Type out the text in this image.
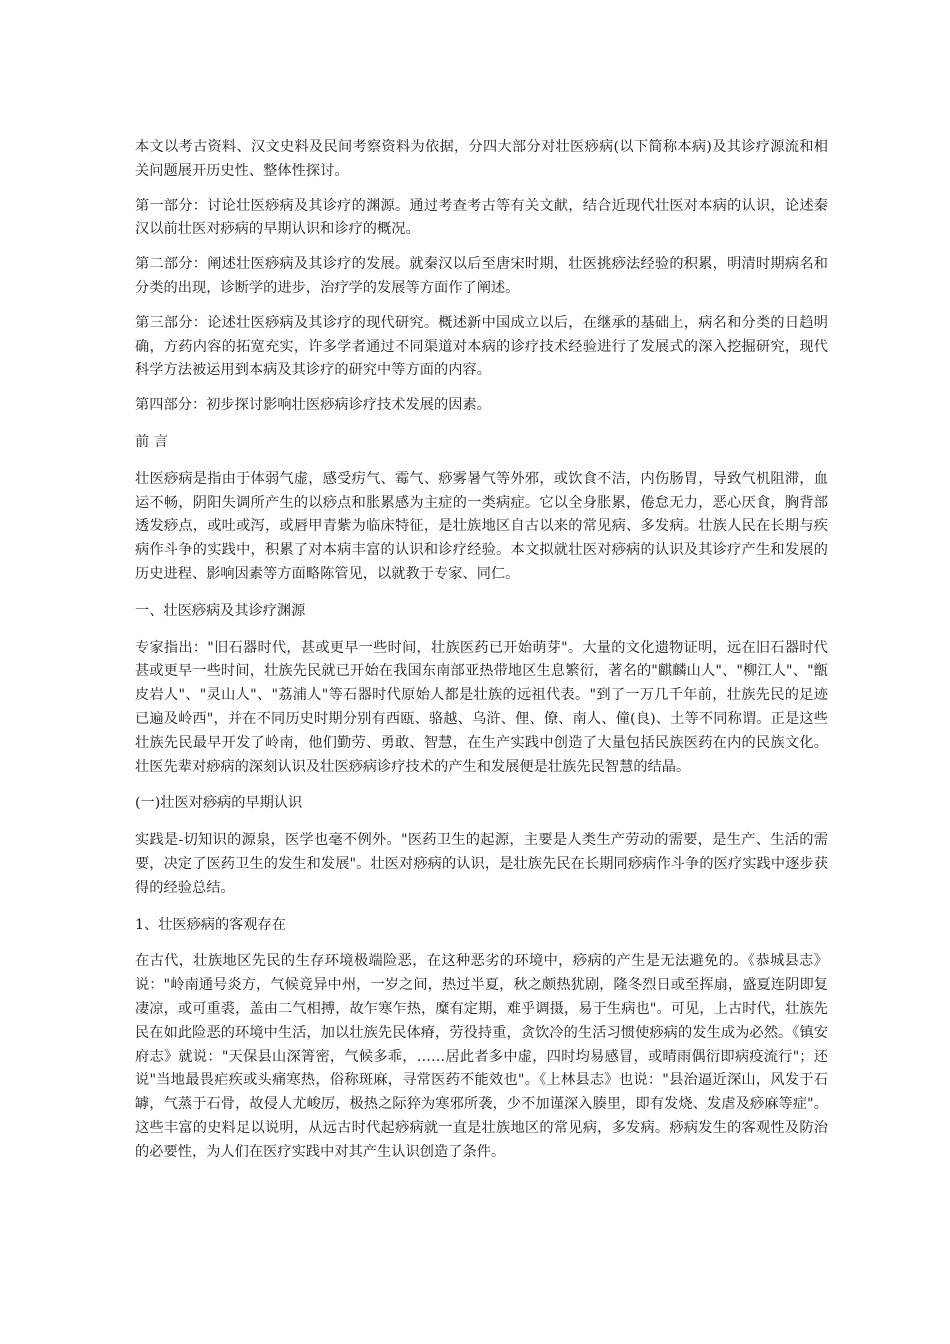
本文以考古资料、汉文史料及民间考察资料为依据，分四大部分对壮医痧病(以下简称本病)及其诊疗源流和相关问题展开历史性、整体性探讨。

第一部分：讨论壮医痧病及其诊疗的渊源。通过考查考古等有关文献，结合近现代壮医对本病的认识，论述秦汉以前壮医对痧病的早期认识和诊疗的概况。

第二部分：阐述壮医痧病及其诊疗的发展。就秦汉以后至唐宋时期，壮医挑痧法经验的积累，明清时期病名和分类的出现，诊断学的进步，治疗学的发展等方面作了阐述。

第三部分：论述壮医痧病及其诊疗的现代研究。概述新中国成立以后，在继承的基础上，病名和分类的日趋明确，方药内容的拓宽充实，许多学者通过不同渠道对本病的诊疗技术经验进行了发展式的深入挖掘研究，现代科学方法被运用到本病及其诊疗的研究中等方面的内容。

第四部分：初步探讨影响壮医痧病诊疗技术发展的因素。

前 言

壮医痧病是指由于体弱气虚，感受疠气、霉气、痧雾暑气等外邪，或饮食不洁，内伤肠胃，导致气机阻滞，血运不畅，阴阳失调所产生的以痧点和胀累感为主症的一类病症。它以全身胀累，倦怠无力，恶心厌食，胸背部透发痧点，或吐或泻，或唇甲青紫为临床特征，是壮族地区自古以来的常见病、多发病。壮族人民在长期与疾病作斗争的实践中，积累了对本病丰富的认识和诊疗经验。本文拟就壮医对痧病的认识及其诊疗产生和发展的历史进程、影响因素等方面略陈管见，以就教于专家、同仁。

一、壮医痧病及其诊疗渊源

专家指出："旧石器时代，甚或更早一些时间，壮族医药已开始萌芽"。大量的文化遗物证明，远在旧石器时代甚或更早一些时间，壮族先民就已开始在我国东南部亚热带地区生息繁衍，著名的"麒麟山人"、"柳江人"、"甑皮岩人"、"灵山人"、"荔浦人"等石器时代原始人都是壮族的远祖代表。"到了一万几千年前，壮族先民的足迹已遍及岭西"，并在不同历史时期分别有西瓯、骆越、乌浒、俚、僚、南人、僮(良)、土等不同称谓。正是这些壮族先民最早开发了岭南，他们勤劳、勇敢、智慧，在生产实践中创造了大量包括民族医药在内的民族文化。壮医先辈对痧病的深刻认识及壮医痧病诊疗技术的产生和发展便是壮族先民智慧的结晶。

(一)壮医对痧病的早期认识

实践是-切知识的源泉，医学也毫不例外。"医药卫生的起源，主要是人类生产劳动的需要，是生产、生活的需要，决定了医药卫生的发生和发展"。壮医对痧病的认识，是壮族先民在长期同痧病作斗争的医疗实践中逐步获得的经验总结。

1、壮医痧病的客观存在

在古代，壮族地区先民的生存环境极端险恶，在这种恶劣的环境中，痧病的产生是无法避免的。《恭城县志》说："岭南通号炎方，气候竟异中州，一岁之间，热过半夏，秋之颇热犹剧，隆冬烈日或至挥扇，盛夏连阴即复凄凉，或可重裘，盖由二气相搏，故乍寒乍热，糜有定期，难乎调摄，易于生病也"。可见，上古时代，壮族先民在如此险恶的环境中生活，加以壮族先民体瘠，劳役持重，贪饮冷的生活习惯使痧病的发生成为必然。《镇安府志》就说："天保县山深箐密，气候多乖，……居此者多中虚，四时均易感冒，或晴雨偶衍即病疫流行"；还说"当地最畏疟疾或头痛寒热，俗称斑麻，寻常医药不能效也"。《上林县志》也说："县治逼近深山，风发于石罅，气蒸于石骨，故侵人尤峻厉，极热之际猝为寒邪所袭，少不加谨深入腠里，即有发烧、发虐及痧麻等症"。这些丰富的史料足以说明，从远古时代起痧病就一直是壮族地区的常见病，多发病。痧病发生的客观性及防治的必要性，为人们在医疗实践中对其产生认识创造了条件。
